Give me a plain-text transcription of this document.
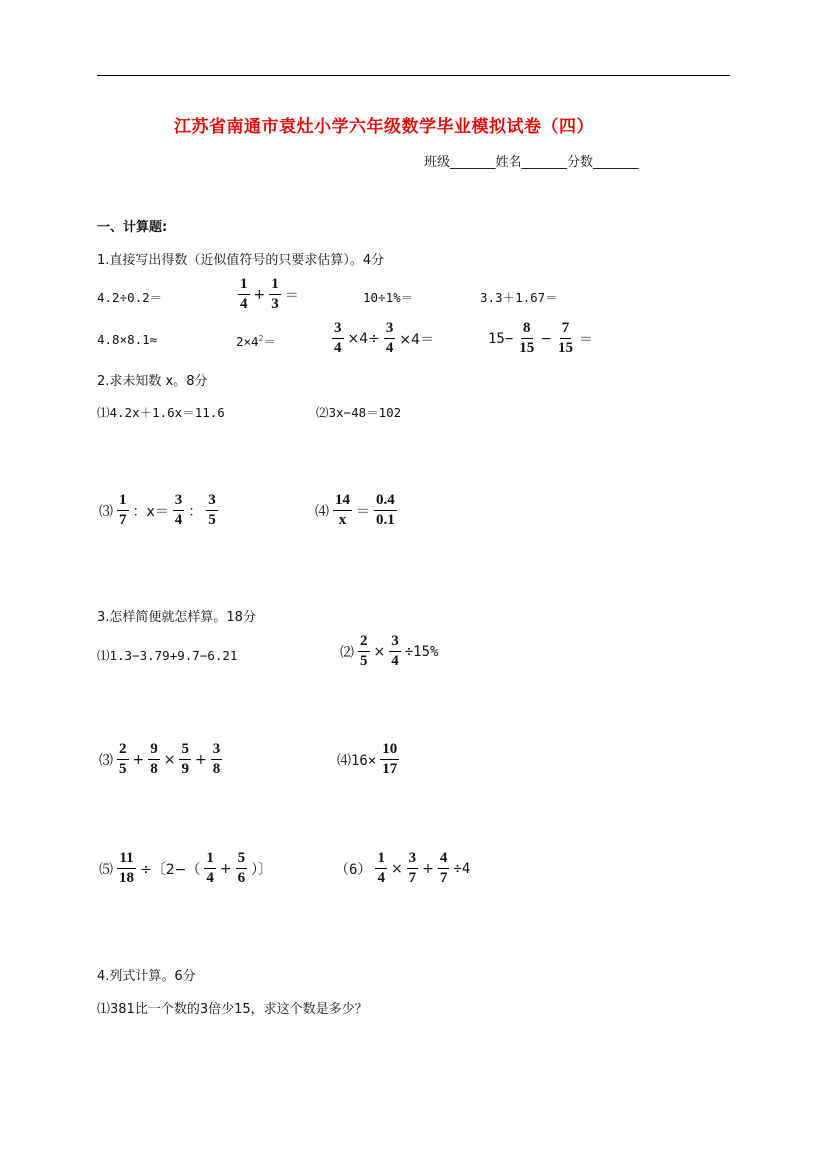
江苏省南通市袁灶小学六年级数学毕业模拟试卷（四）
班级_______姓名_______分数_______
一、计算题:
1.直接写出得数（近似值符号的只要求估算）。4分
4.2÷0.2＝	$\frac{1}{4} + \frac{1}{3}$ ＝	10÷1%＝	3.3＋1.67＝
4.8×8.1≈	$2\times 4^2=$	$\frac{3}{4} \times 4\div \frac{3}{4} \times 4=$	$15- \frac{8}{15} - \frac{7}{15}$ ＝
2.求未知数 x。8分
⑴4.2x＋1.6x＝11.6	⑵3x−48＝102
⑶ $\frac{1}{7}$ ：$x= \frac{3}{4}$ ： $\frac{3}{5}$	⑷ $\frac{14}{x} = \frac{0.4}{0.1}$
3.怎样简便就怎样算。18分
⑴1.3−3.79+9.7−6.21	⑵ $\frac{2}{5} \times \frac{3}{4} \div 15\%$
⑶ $\frac{2}{5} + \frac{9}{8} \times \frac{5}{9} + \frac{3}{8}$	⑷16× $\frac{10}{17}$
⑸ $\frac{11}{18}$ ÷〔$2-( \frac{1}{4} + \frac{5}{6}$ ）〕	$(6) \frac{1}{4} \times \frac{3}{7} + \frac{4}{7} \div 4$
4.列式计算。6分
⑴381比一个数的3倍少15，求这个数是多少？
